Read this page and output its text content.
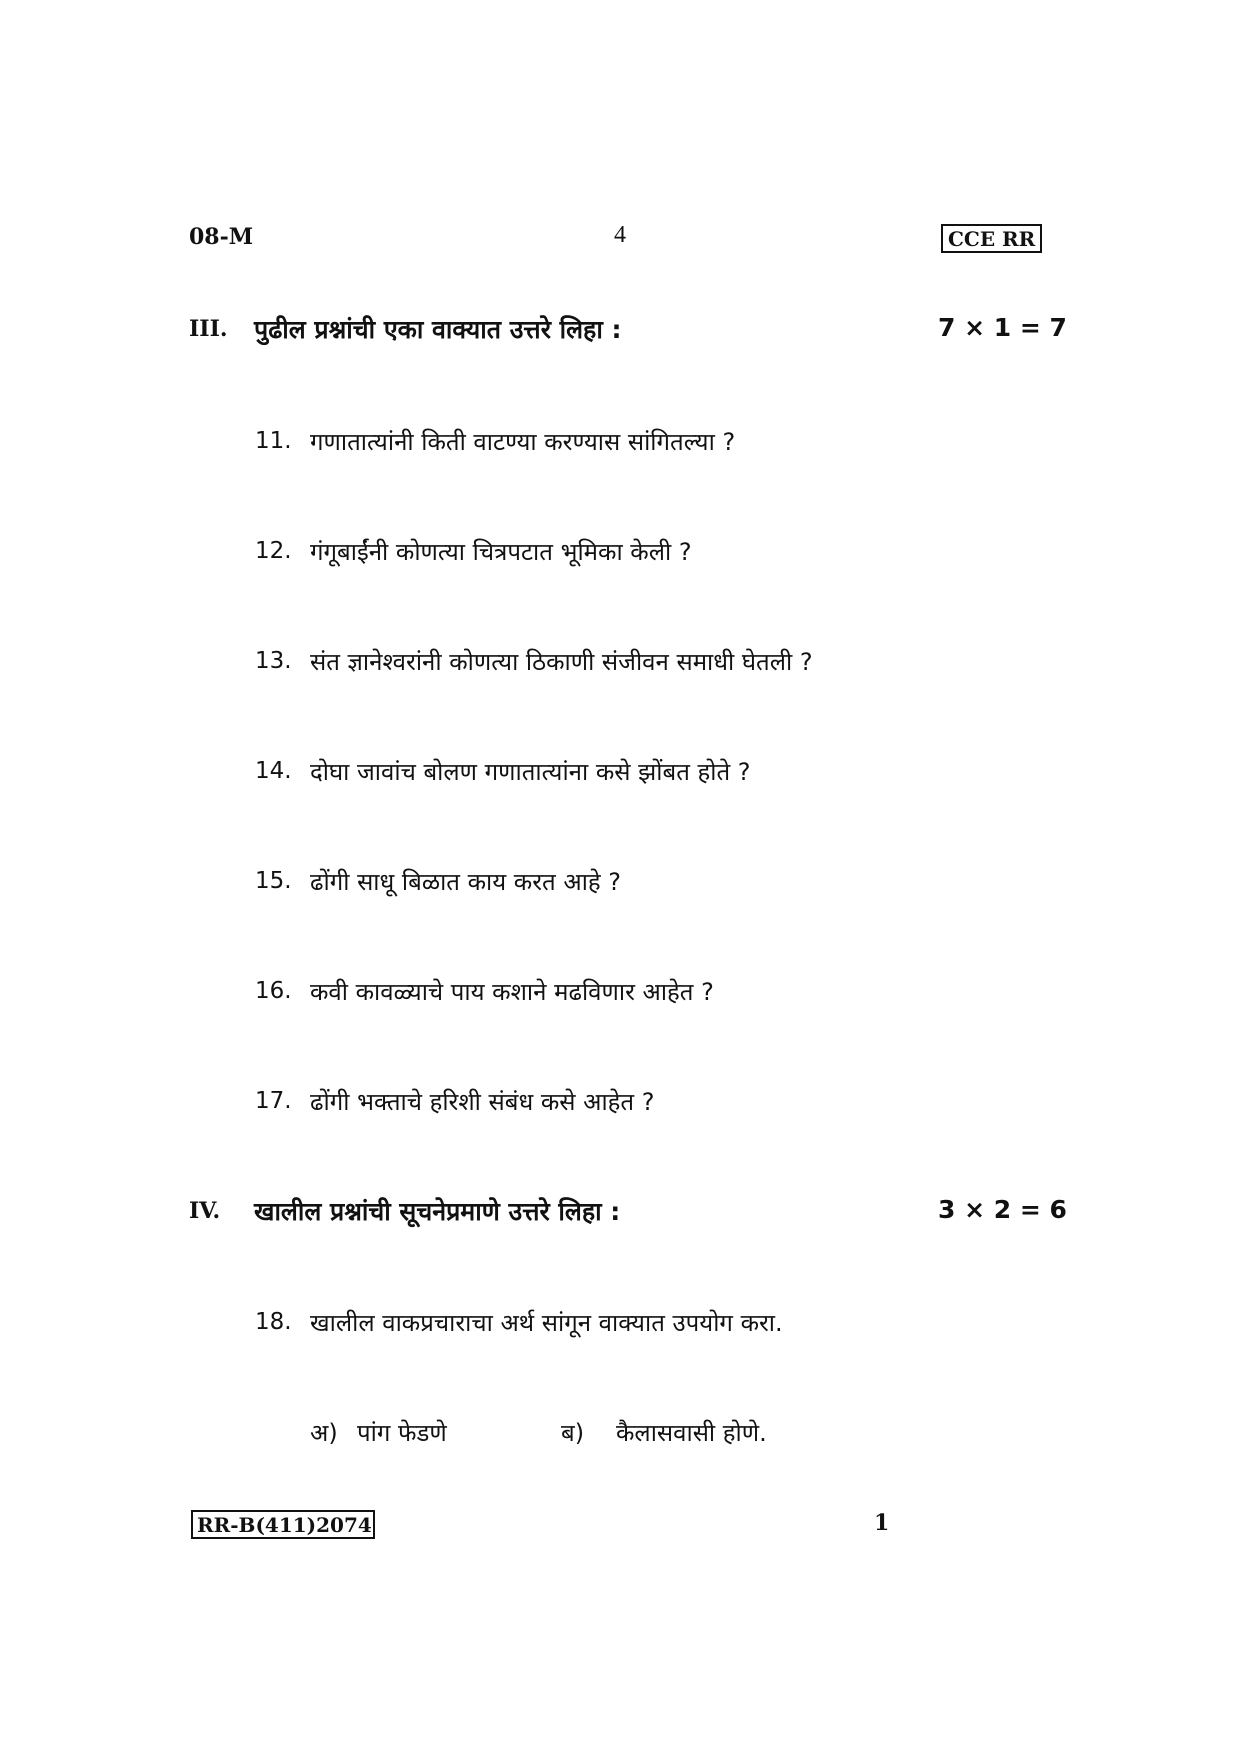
08-M	4	CCE RR
III. पुढील प्रश्नांची एका वाक्यात उत्तरे लिहा :	7 × 1 = 7
11. गणातात्यांनी किती वाटण्या करण्यास सांगितल्या ?
12. गंगूबाईंनी कोणत्या चित्रपटात भूमिका केली ?
13. संत ज्ञानेश्वरांनी कोणत्या ठिकाणी संजीवन समाधी घेतली ?
14. दोघा जावांच बोलण गणातात्यांना कसे झोंबत होते ?
15. ढोंगी साधू बिळात काय करत आहे ?
16. कवी कावळ्याचे पाय कशाने मढविणार आहेत ?
17. ढोंगी भक्ताचे हरिशी संबंध कसे आहेत ?
IV. खालील प्रश्नांची सूचनेप्रमाणे उत्तरे लिहा :	3 × 2 = 6
18. खालील वाकप्रचाराचा अर्थ सांगून वाक्यात उपयोग करा.
अ) पांग फेडणे	ब) कैलासवासी होणे.
RR-B(411)2074	1
